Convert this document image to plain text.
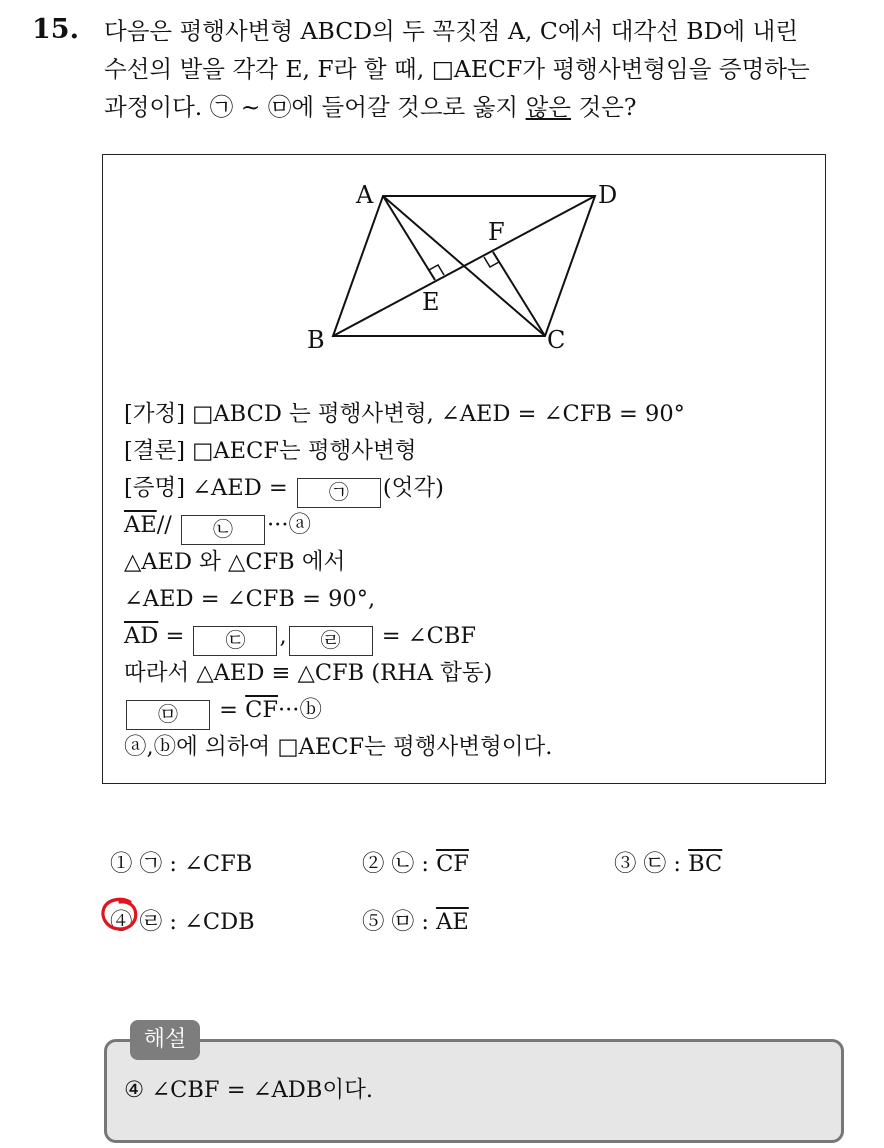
15. 다음은 평행사변형 ABCD의 두 꼭짓점 A, C에서 대각선 BD에 내린
수선의 발을 각각 E, F라 할 때, □AECF가 평행사변형임을 증명하는
과정이다. ㉠ ~ ㉤에 들어갈 것으로 옳지 않은 것은?
A	D
B	C
E
F
[가정] □ABCD 는 평행사변형, ∠AED = ∠CFB = 90°
[결론] □AECF는 평행사변형
[증명] ∠AED = ㉠ (엇각)
$\overline{AE}//$ ㉡ ···ⓐ
△AED 와 △CFB 에서
∠AED = ∠CFB = 90°,
$\overline{AD}$ = ㉢ , ㉣ = ∠CBF
따라서 △AED ≡ △CFB (RHA 합동)
㉤ = $\overline{CF}\cdot\cdot\cdotⓑ$
ⓐ,ⓑ에 의하여 □AECF는 평행사변형이다.
① ㉠ : ∠CFB	② ㉡ : $\overline{CF}$	③ ㉢ : $\overline{BC}$
④ ㉣ : ∠CDB	⑤ ㉤ : $\overline{AE}$
해설
④ ∠CBF = ∠ADB이다.
